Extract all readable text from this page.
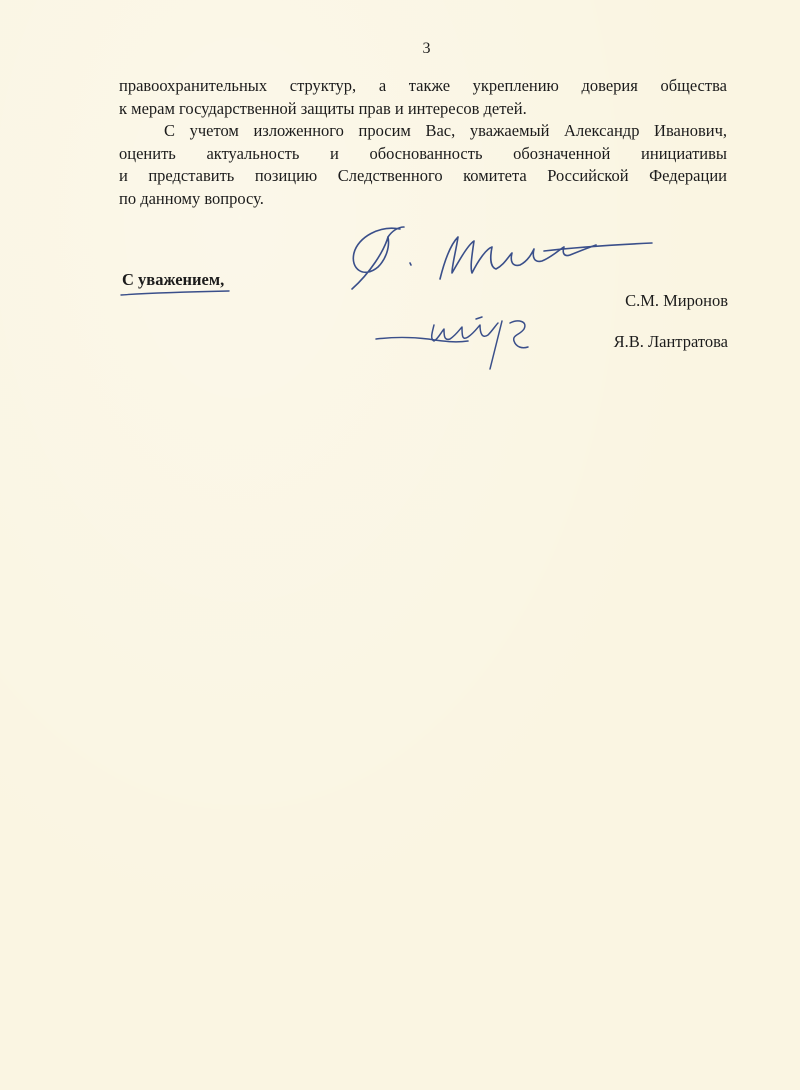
3
правоохранительных структур, а также укреплению доверия общества
к мерам государственной защиты прав и интересов детей.
С учетом изложенного просим Вас, уважаемый Александр Иванович,
оценить актуальность и обоснованность обозначенной инициативы
и представить позицию Следственного комитета Российской Федерации
по данному вопросу.
С уважением,
С.М. Миронов
Я.В. Лантратова
